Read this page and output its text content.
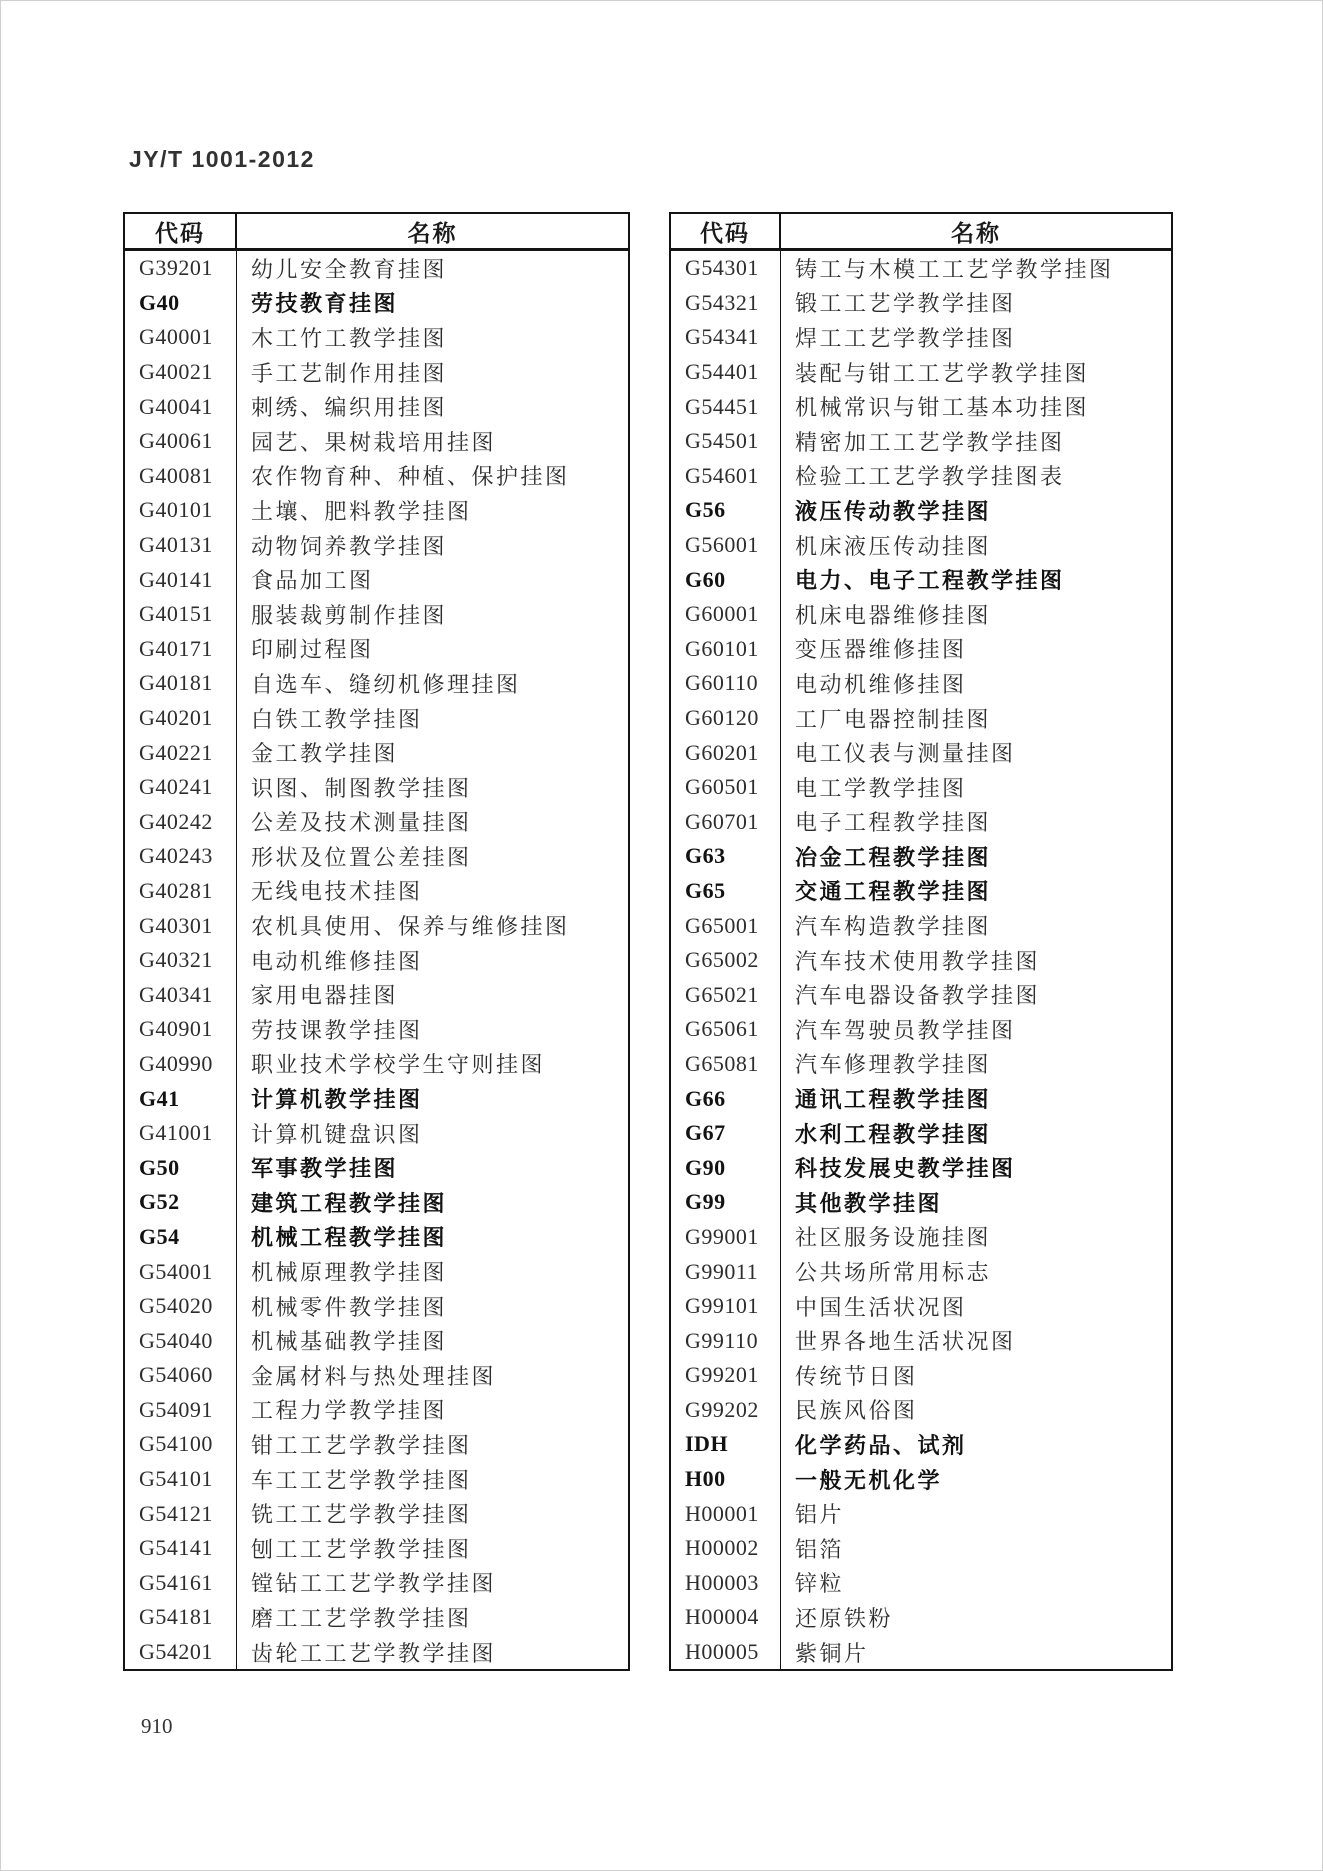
JY/T 1001-2012
代码	名称
G39201	幼儿安全教育挂图
G40	劳技教育挂图
G40001	木工竹工教学挂图
G40021	手工艺制作用挂图
G40041	刺绣、编织用挂图
G40061	园艺、果树栽培用挂图
G40081	农作物育种、种植、保护挂图
G40101	土壤、肥料教学挂图
G40131	动物饲养教学挂图
G40141	食品加工图
G40151	服装裁剪制作挂图
G40171	印刷过程图
G40181	自选车、缝纫机修理挂图
G40201	白铁工教学挂图
G40221	金工教学挂图
G40241	识图、制图教学挂图
G40242	公差及技术测量挂图
G40243	形状及位置公差挂图
G40281	无线电技术挂图
G40301	农机具使用、保养与维修挂图
G40321	电动机维修挂图
G40341	家用电器挂图
G40901	劳技课教学挂图
G40990	职业技术学校学生守则挂图
G41	计算机教学挂图
G41001	计算机键盘识图
G50	军事教学挂图
G52	建筑工程教学挂图
G54	机械工程教学挂图
G54001	机械原理教学挂图
G54020	机械零件教学挂图
G54040	机械基础教学挂图
G54060	金属材料与热处理挂图
G54091	工程力学教学挂图
G54100	钳工工艺学教学挂图
G54101	车工工艺学教学挂图
G54121	铣工工艺学教学挂图
G54141	刨工工艺学教学挂图
G54161	镗钻工工艺学教学挂图
G54181	磨工工艺学教学挂图
G54201	齿轮工工艺学教学挂图
代码	名称
G54301	铸工与木模工工艺学教学挂图
G54321	锻工工艺学教学挂图
G54341	焊工工艺学教学挂图
G54401	装配与钳工工艺学教学挂图
G54451	机械常识与钳工基本功挂图
G54501	精密加工工艺学教学挂图
G54601	检验工工艺学教学挂图表
G56	液压传动教学挂图
G56001	机床液压传动挂图
G60	电力、电子工程教学挂图
G60001	机床电器维修挂图
G60101	变压器维修挂图
G60110	电动机维修挂图
G60120	工厂电器控制挂图
G60201	电工仪表与测量挂图
G60501	电工学教学挂图
G60701	电子工程教学挂图
G63	冶金工程教学挂图
G65	交通工程教学挂图
G65001	汽车构造教学挂图
G65002	汽车技术使用教学挂图
G65021	汽车电器设备教学挂图
G65061	汽车驾驶员教学挂图
G65081	汽车修理教学挂图
G66	通讯工程教学挂图
G67	水利工程教学挂图
G90	科技发展史教学挂图
G99	其他教学挂图
G99001	社区服务设施挂图
G99011	公共场所常用标志
G99101	中国生活状况图
G99110	世界各地生活状况图
G99201	传统节日图
G99202	民族风俗图
IDH	化学药品、试剂
H00	一般无机化学
H00001	铝片
H00002	铝箔
H00003	锌粒
H00004	还原铁粉
H00005	紫铜片
910
